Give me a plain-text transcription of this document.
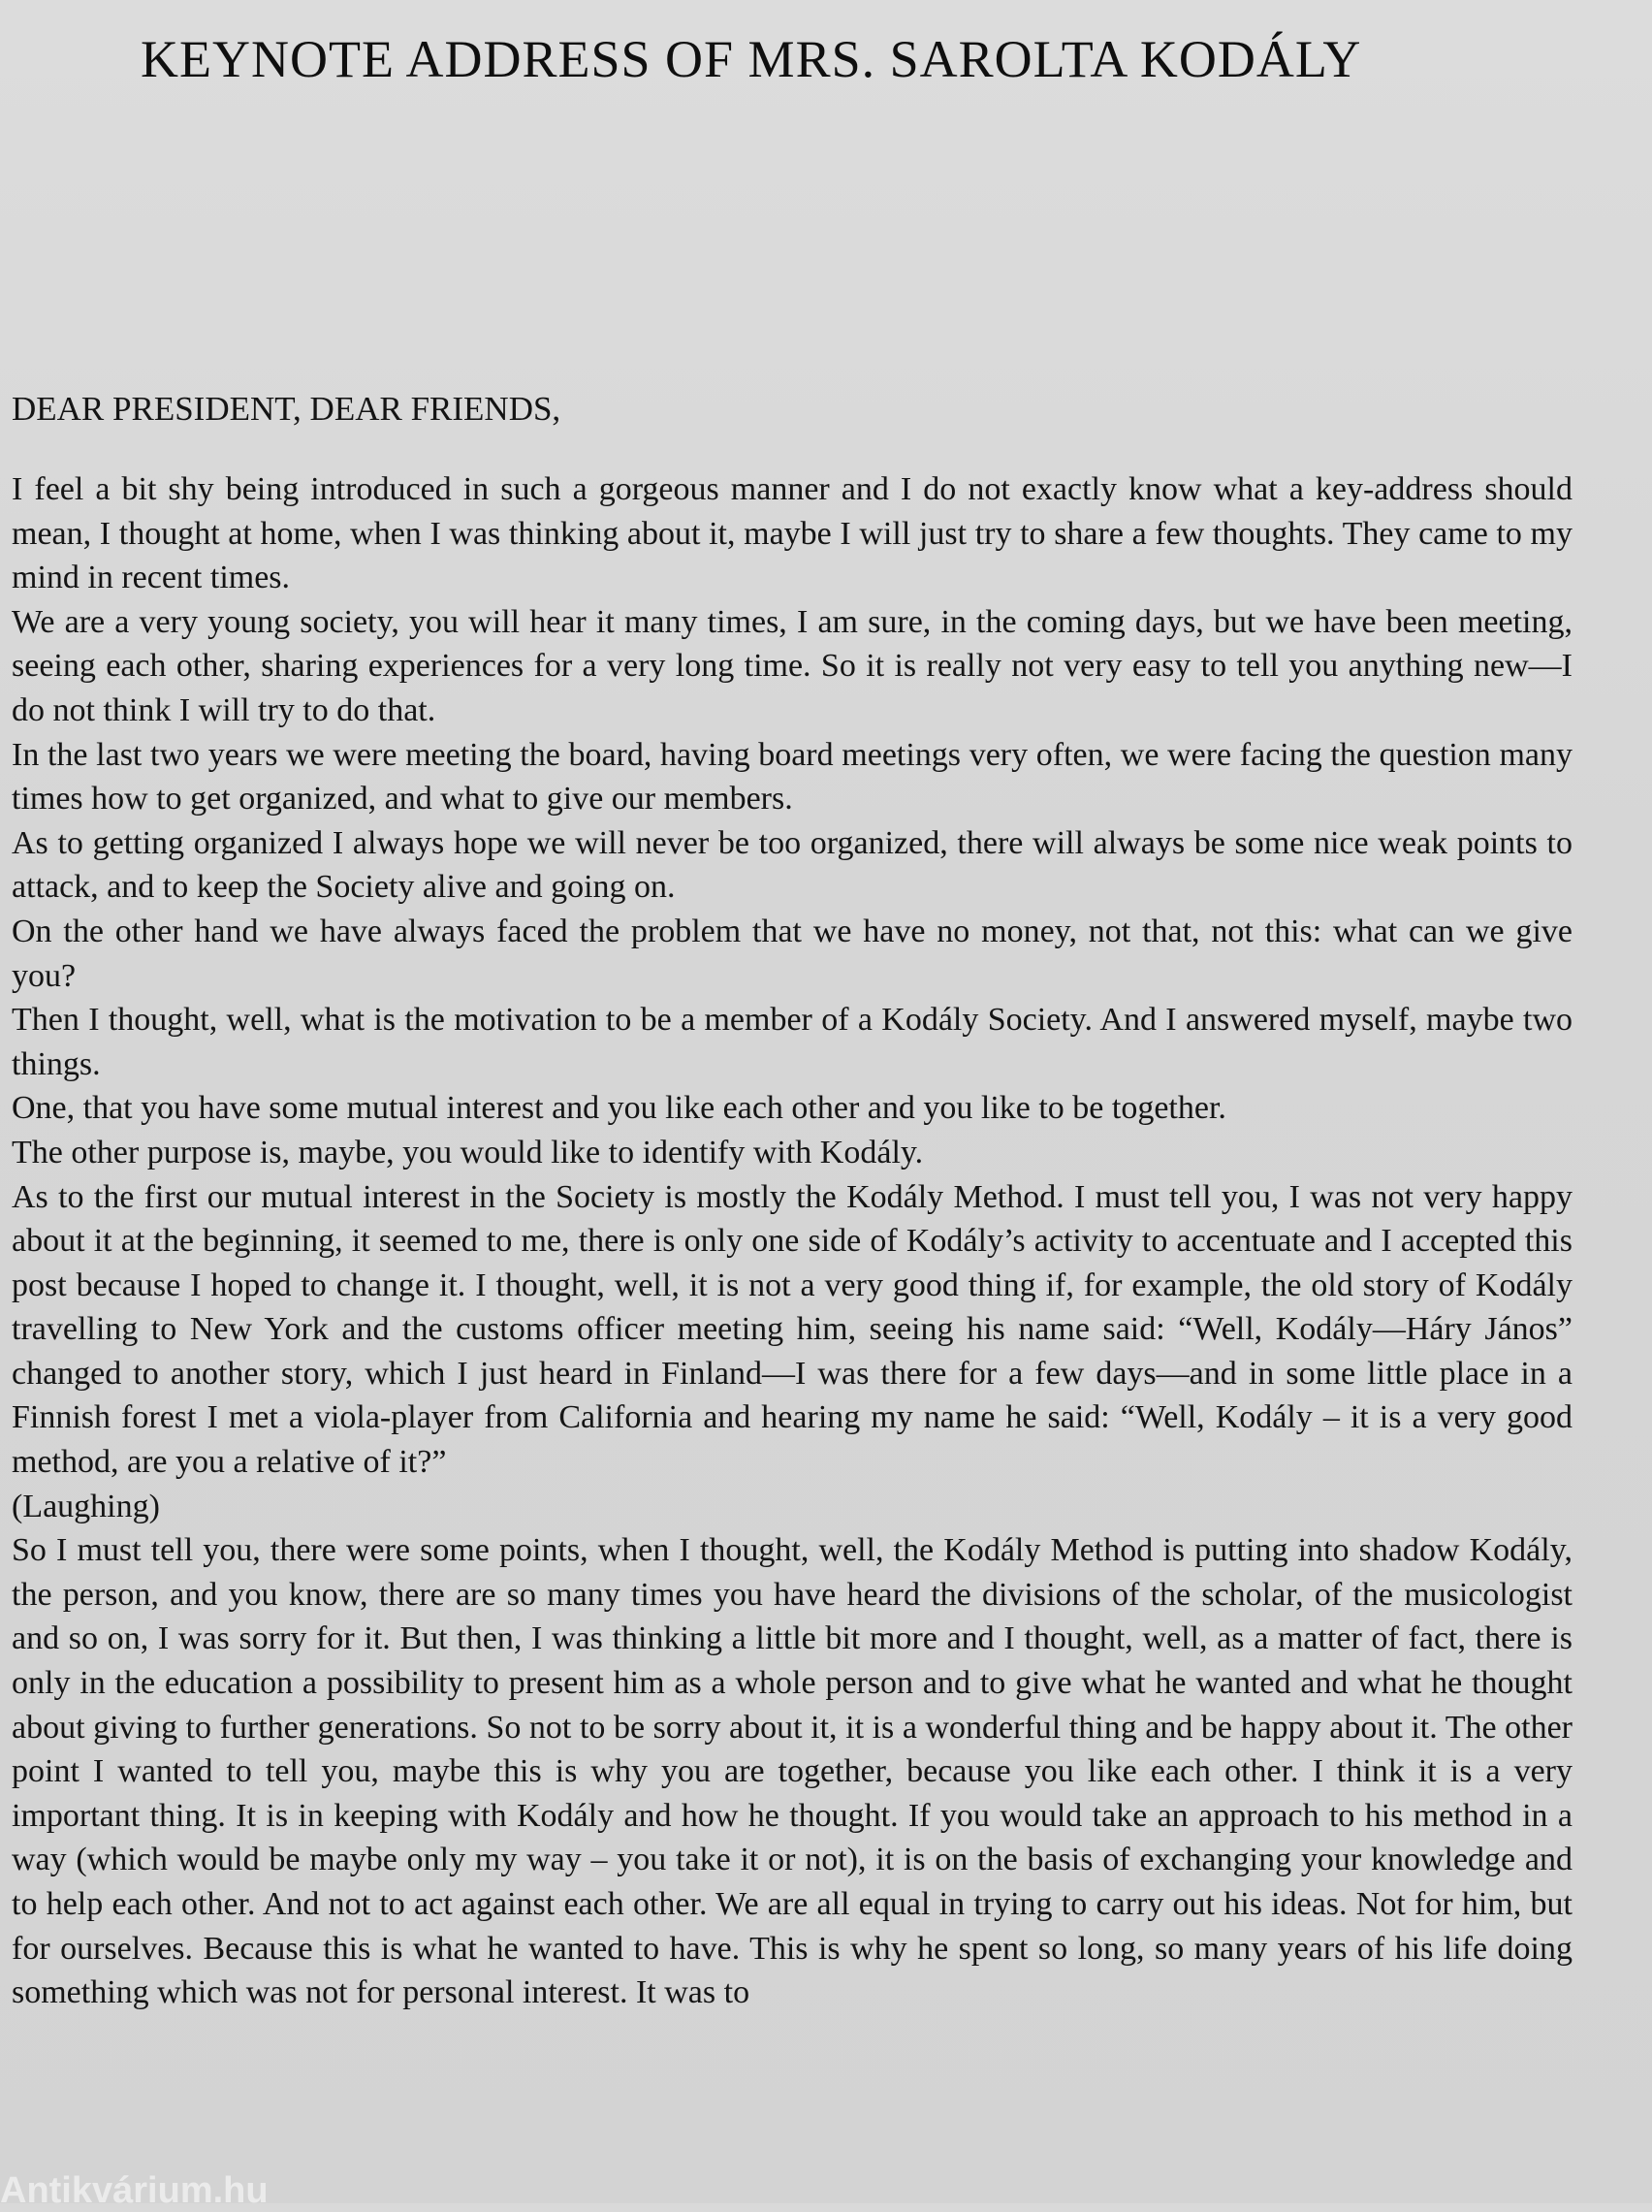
KEYNOTE ADDRESS OF MRS. SAROLTA KODÁLY
DEAR PRESIDENT, DEAR FRIENDS,

I feel a bit shy being introduced in such a gorgeous manner and I do not exactly know what a key-address should mean, I thought at home, when I was thinking about it, maybe I will just try to share a few thoughts. They came to my mind in recent times.

We are a very young society, you will hear it many times, I am sure, in the coming days, but we have been meeting, seeing each other, sharing experiences for a very long time. So it is really not very easy to tell you anything new—I do not think I will try to do that.

In the last two years we were meeting the board, having board meetings very often, we were facing the question many times how to get organized, and what to give our members.

As to getting organized I always hope we will never be too organized, there will always be some nice weak points to attack, and to keep the Society alive and going on.

On the other hand we have always faced the problem that we have no money, not that, not this: what can we give you?

Then I thought, well, what is the motivation to be a member of a Kodály Society. And I answered myself, maybe two things.

One, that you have some mutual interest and you like each other and you like to be together.

The other purpose is, maybe, you would like to identify with Kodály.

As to the first our mutual interest in the Society is mostly the Kodály Method. I must tell you, I was not very happy about it at the beginning, it seemed to me, there is only one side of Kodály’s activity to accentuate and I accepted this post because I hoped to change it. I thought, well, it is not a very good thing if, for example, the old story of Kodály travelling to New York and the customs officer meeting him, seeing his name said: “Well, Kodály—Háry János” changed to another story, which I just heard in Finland—I was there for a few days—and in some little place in a Finnish forest I met a viola-player from California and hearing my name he said: “Well, Kodály – it is a very good method, are you a relative of it?”

(Laughing)

So I must tell you, there were some points, when I thought, well, the Kodály Method is putting into shadow Kodály, the person, and you know, there are so many times you have heard the divisions of the scholar, of the musicologist and so on, I was sorry for it. But then, I was thinking a little bit more and I thought, well, as a matter of fact, there is only in the education a possibility to present him as a whole person and to give what he wanted and what he thought about giving to further generations. So not to be sorry about it, it is a wonderful thing and be happy about it. The other point I wanted to tell you, maybe this is why you are together, because you like each other. I think it is a very important thing. It is in keeping with Kodály and how he thought. If you would take an approach to his method in a way (which would be maybe only my way – you take it or not), it is on the basis of exchanging your knowledge and to help each other. And not to act against each other. We are all equal in trying to carry out his ideas. Not for him, but for ourselves. Because this is what he wanted to have. This is why he spent so long, so many years of his life doing something which was not for personal interest. It was to

Antikvárium.hu
